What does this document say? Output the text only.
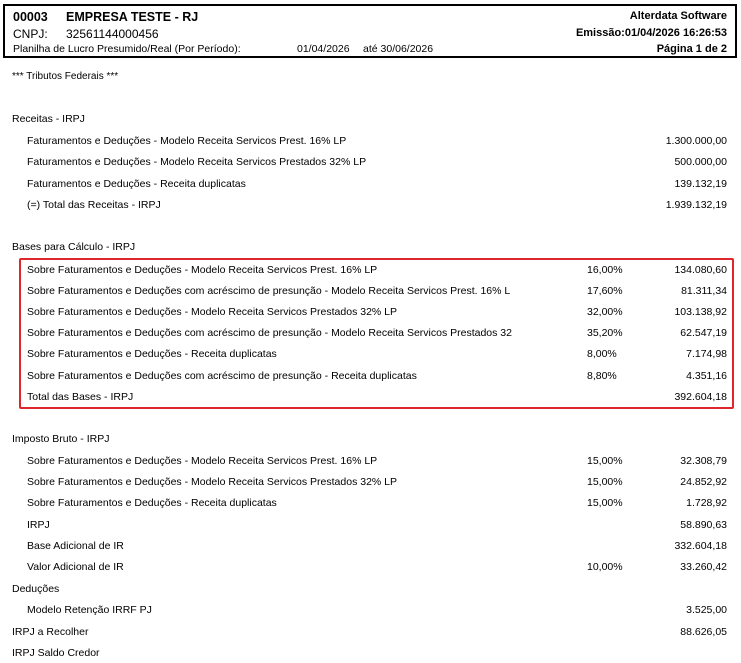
00003 EMPRESA TESTE - RJ	Alterdata Software
CNPJ: 32561144000456	Emissão:01/04/2026 16:26:53
Planilha de Lucro Presumido/Real (Por Período):	01/04/2026 até 30/06/2026	Página 1 de 2
*** Tributos Federais ***
Receitas - IRPJ
Faturamentos e Deduções - Modelo Receita Servicos Prest. 16% LP	1.300.000,00
Faturamentos e Deduções - Modelo Receita Servicos Prestados 32% LP	500.000,00
Faturamentos e Deduções - Receita duplicatas	139.132,19
(=) Total das Receitas - IRPJ	1.939.132,19
Bases para Cálculo - IRPJ
Sobre Faturamentos e Deduções - Modelo Receita Servicos Prest. 16% LP	16,00%	134.080,60
Sobre Faturamentos e Deduções com acréscimo de presunção - Modelo Receita Servicos Prest. 16% L	17,60%	81.311,34
Sobre Faturamentos e Deduções - Modelo Receita Servicos Prestados 32% LP	32,00%	103.138,92
Sobre Faturamentos e Deduções com acréscimo de presunção - Modelo Receita Servicos Prestados 32	35,20%	62.547,19
Sobre Faturamentos e Deduções - Receita duplicatas	8,00%	7.174,98
Sobre Faturamentos e Deduções com acréscimo de presunção - Receita duplicatas	8,80%	4.351,16
Total das Bases - IRPJ	392.604,18
Imposto Bruto - IRPJ
Sobre Faturamentos e Deduções - Modelo Receita Servicos Prest. 16% LP	15,00%	32.308,79
Sobre Faturamentos e Deduções - Modelo Receita Servicos Prestados 32% LP	15,00%	24.852,92
Sobre Faturamentos e Deduções - Receita duplicatas	15,00%	1.728,92
IRPJ	58.890,63
Base Adicional de IR	332.604,18
Valor Adicional de IR	10,00%	33.260,42
Deduções
Modelo Retenção IRRF PJ	3.525,00
IRPJ a Recolher	88.626,05
IRPJ Saldo Credor
